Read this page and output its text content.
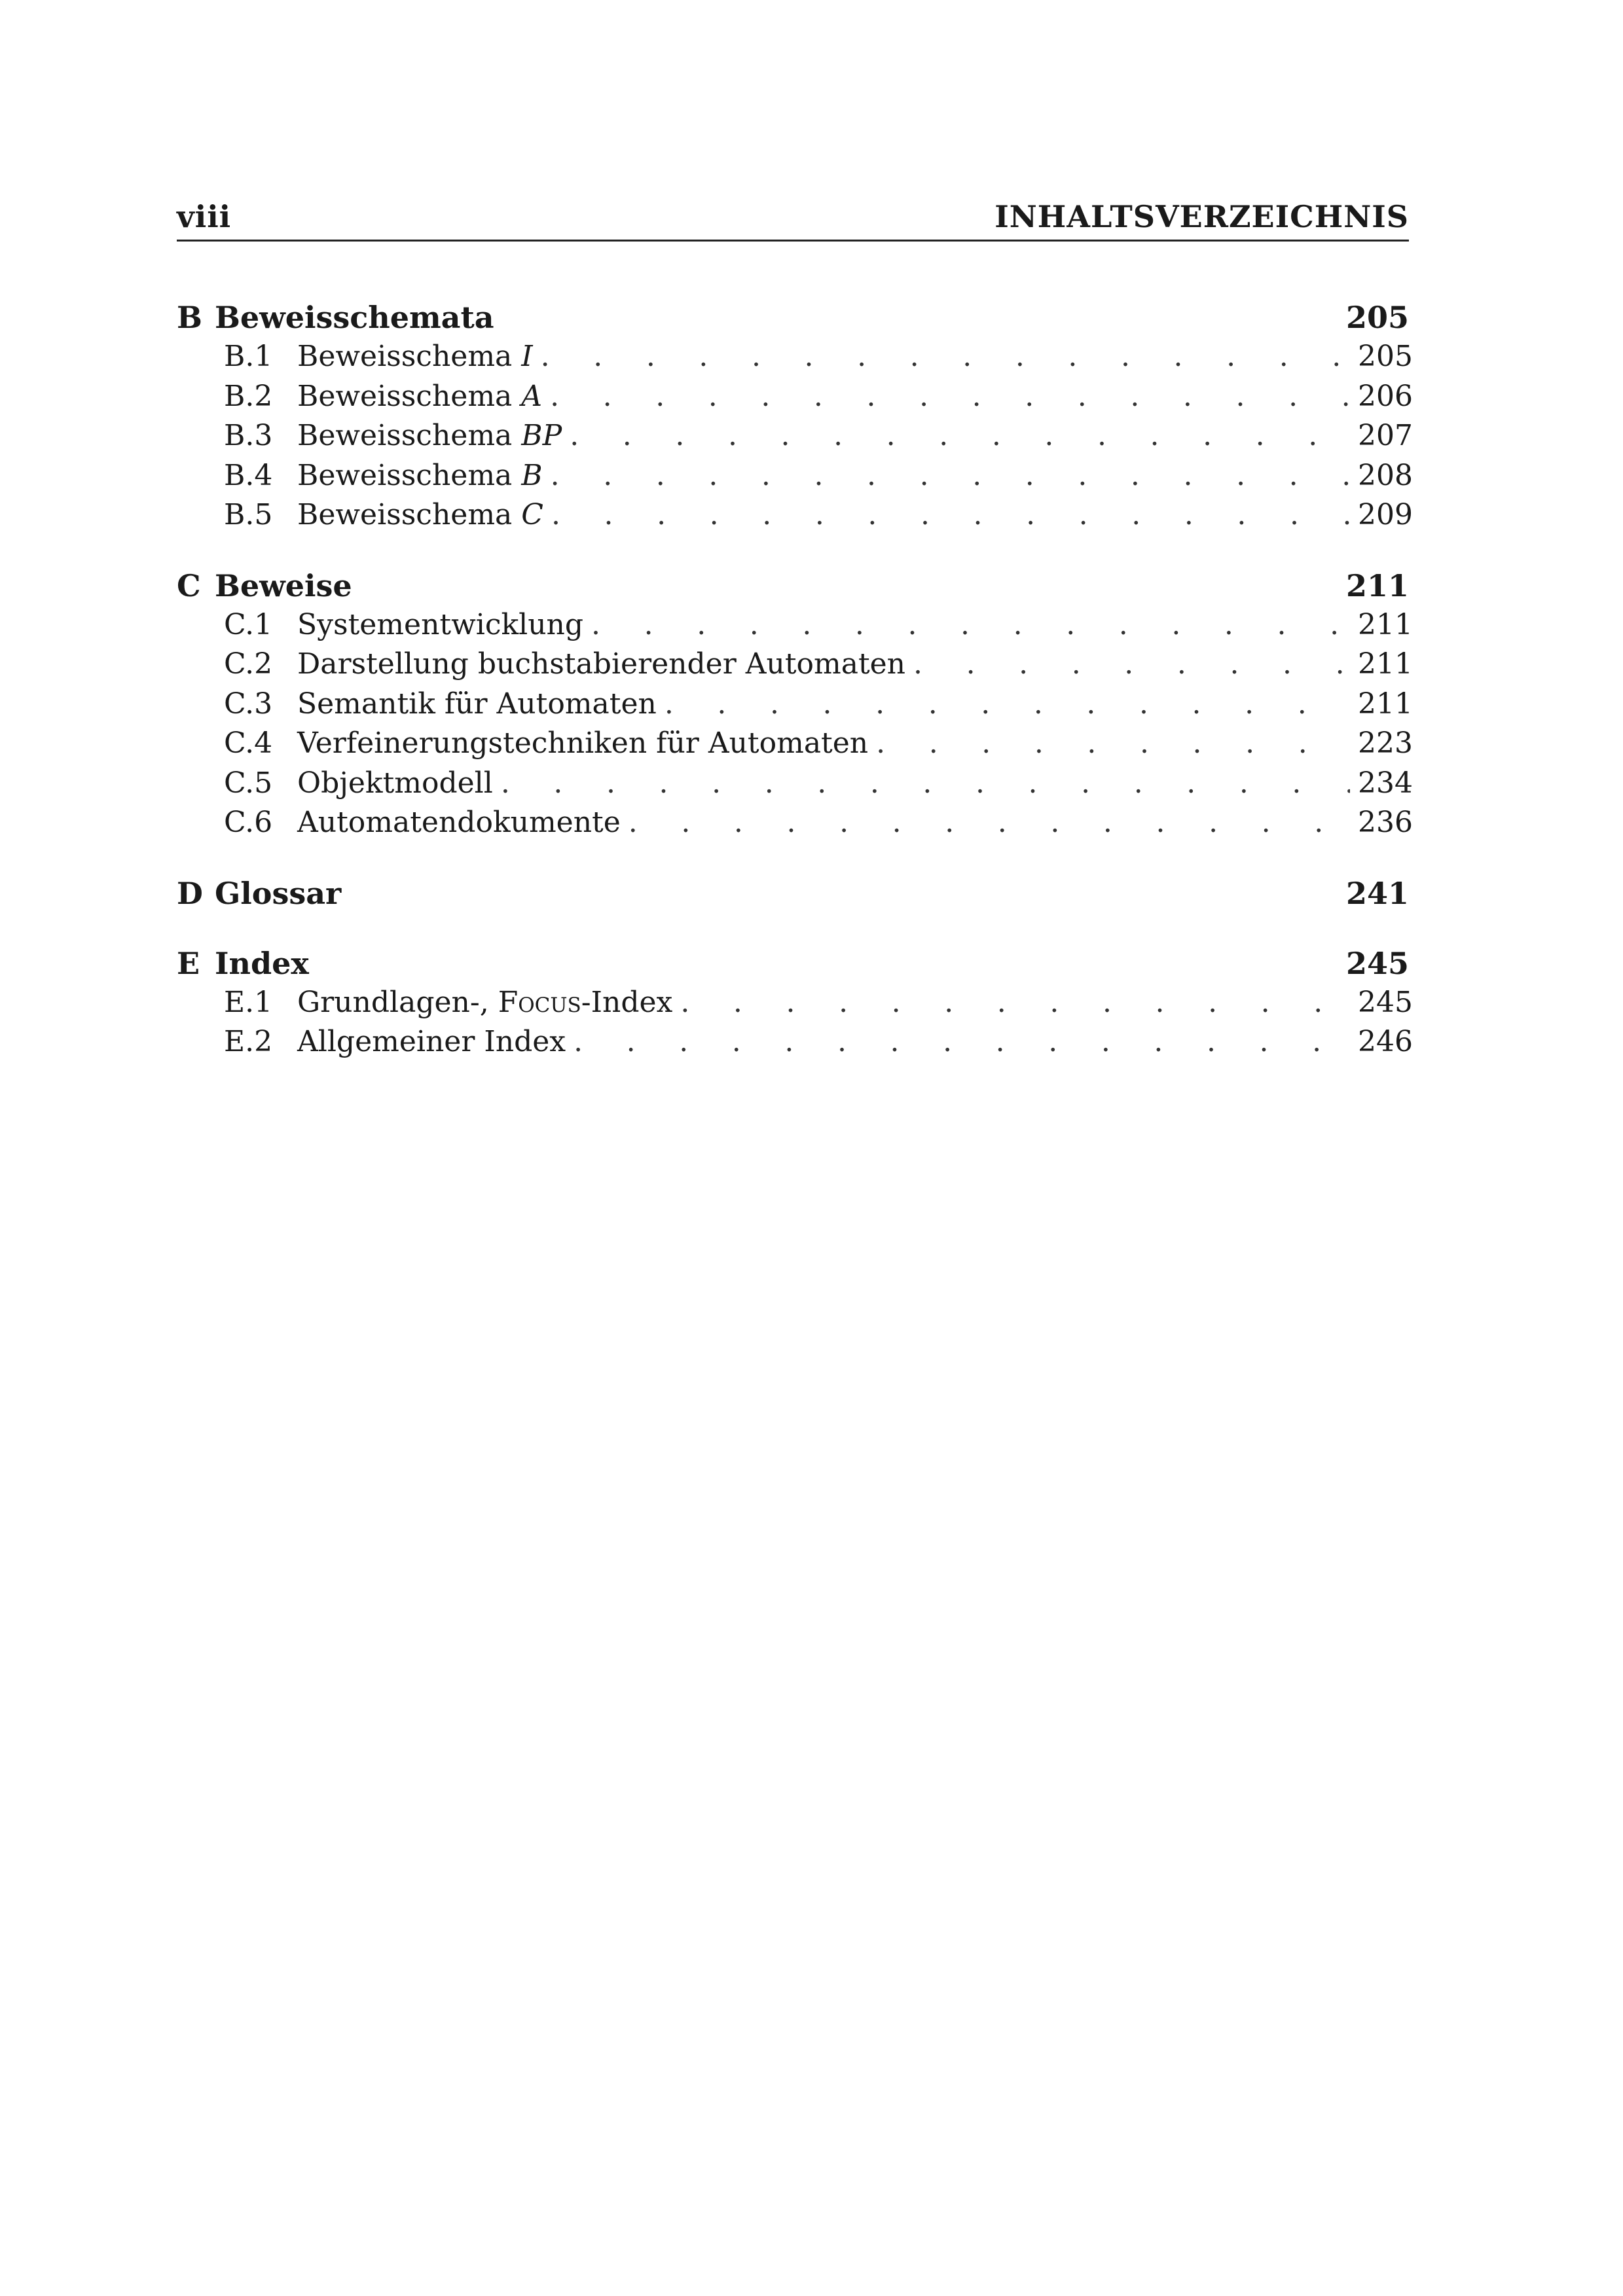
viii	INHALTSVERZEICHNIS
B Beweisschemata	205
B.1 Beweisschema I . . .	205
B.2 Beweisschema A . . .	206
B.3 Beweisschema BP . . .	207
B.4 Beweisschema B . . .	208
B.5 Beweisschema C . . .	209
C Beweise	211
C.1 Systementwicklung . . .	211
C.2 Darstellung buchstabierender Automaten . . .	211
C.3 Semantik für Automaten . . .	211
C.4 Verfeinerungstechniken für Automaten . . .	223
C.5 Objektmodell . . .	234
C.6 Automatendokumente . . .	236
D Glossar	241
E Index	245
E.1 Grundlagen-, Focus-Index . . .	245
E.2 Allgemeiner Index . . .	246
